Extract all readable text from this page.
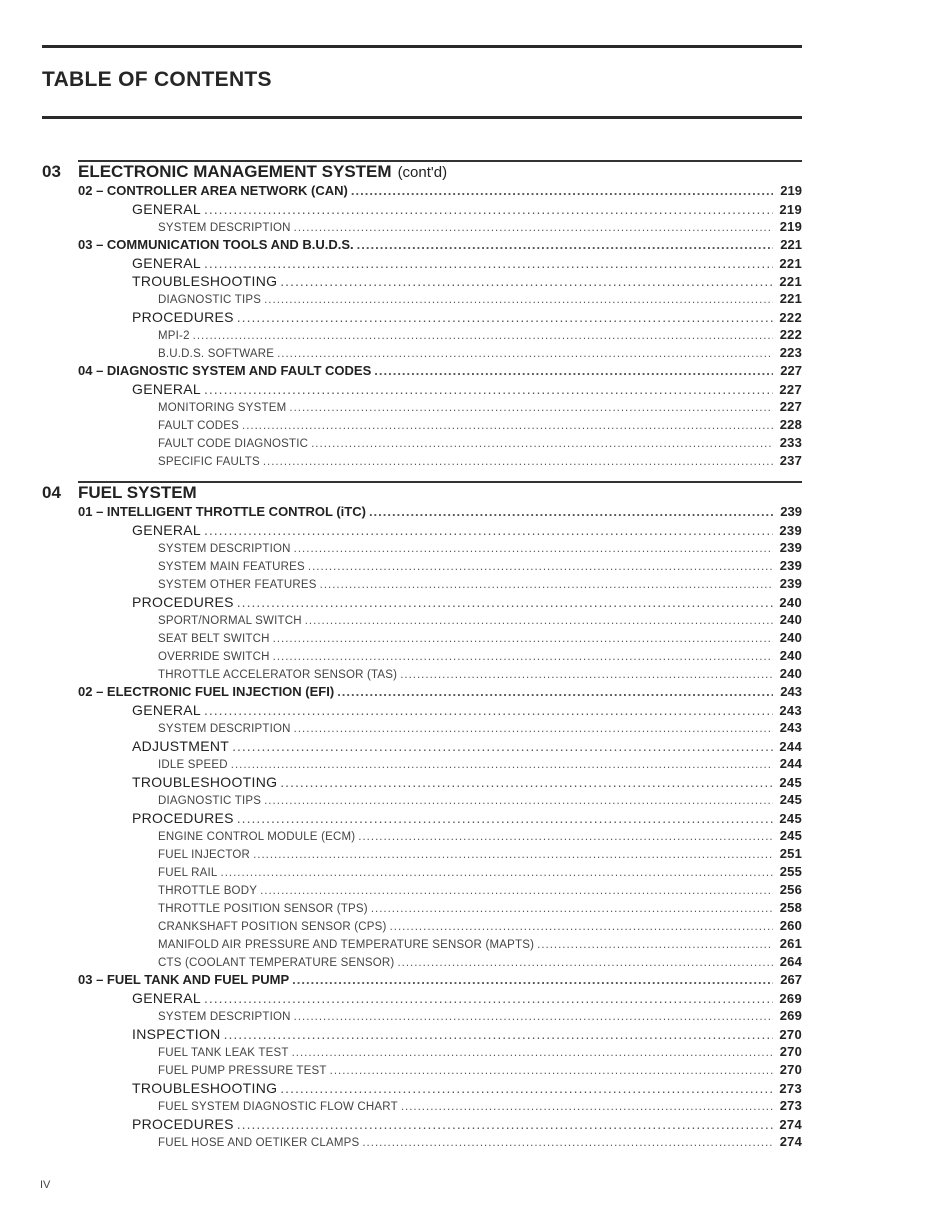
TABLE OF CONTENTS
03	ELECTRONIC MANAGEMENT SYSTEM (cont'd)
02 – CONTROLLER AREA NETWORK (CAN) .....	219
GENERAL .....	219
SYSTEM DESCRIPTION .....	219
03 – COMMUNICATION TOOLS AND B.U.D.S. .....	221
GENERAL .....	221
TROUBLESHOOTING .....	221
DIAGNOSTIC TIPS .....	221
PROCEDURES .....	222
MPI-2 .....	222
B.U.D.S. SOFTWARE .....	223
04 – DIAGNOSTIC SYSTEM AND FAULT CODES .....	227
GENERAL .....	227
MONITORING SYSTEM .....	227
FAULT CODES .....	228
FAULT CODE DIAGNOSTIC .....	233
SPECIFIC FAULTS .....	237
04	FUEL SYSTEM
01 – INTELLIGENT THROTTLE CONTROL (iTC) .....	239
GENERAL .....	239
SYSTEM DESCRIPTION .....	239
SYSTEM MAIN FEATURES .....	239
SYSTEM OTHER FEATURES .....	239
PROCEDURES .....	240
SPORT/NORMAL SWITCH .....	240
SEAT BELT SWITCH .....	240
OVERRIDE SWITCH .....	240
THROTTLE ACCELERATOR SENSOR (TAS) .....	240
02 – ELECTRONIC FUEL INJECTION (EFI) .....	243
GENERAL .....	243
SYSTEM DESCRIPTION .....	243
ADJUSTMENT .....	244
IDLE SPEED .....	244
TROUBLESHOOTING .....	245
DIAGNOSTIC TIPS .....	245
PROCEDURES .....	245
ENGINE CONTROL MODULE (ECM) .....	245
FUEL INJECTOR .....	251
FUEL RAIL .....	255
THROTTLE BODY .....	256
THROTTLE POSITION SENSOR (TPS) .....	258
CRANKSHAFT POSITION SENSOR (CPS) .....	260
MANIFOLD AIR PRESSURE AND TEMPERATURE SENSOR (MAPTS) .....	261
CTS (COOLANT TEMPERATURE SENSOR) .....	264
03 – FUEL TANK AND FUEL PUMP .....	267
GENERAL .....	269
SYSTEM DESCRIPTION .....	269
INSPECTION .....	270
FUEL TANK LEAK TEST .....	270
FUEL PUMP PRESSURE TEST .....	270
TROUBLESHOOTING .....	273
FUEL SYSTEM DIAGNOSTIC FLOW CHART .....	273
PROCEDURES .....	274
FUEL HOSE AND OETIKER CLAMPS .....	274
IV
